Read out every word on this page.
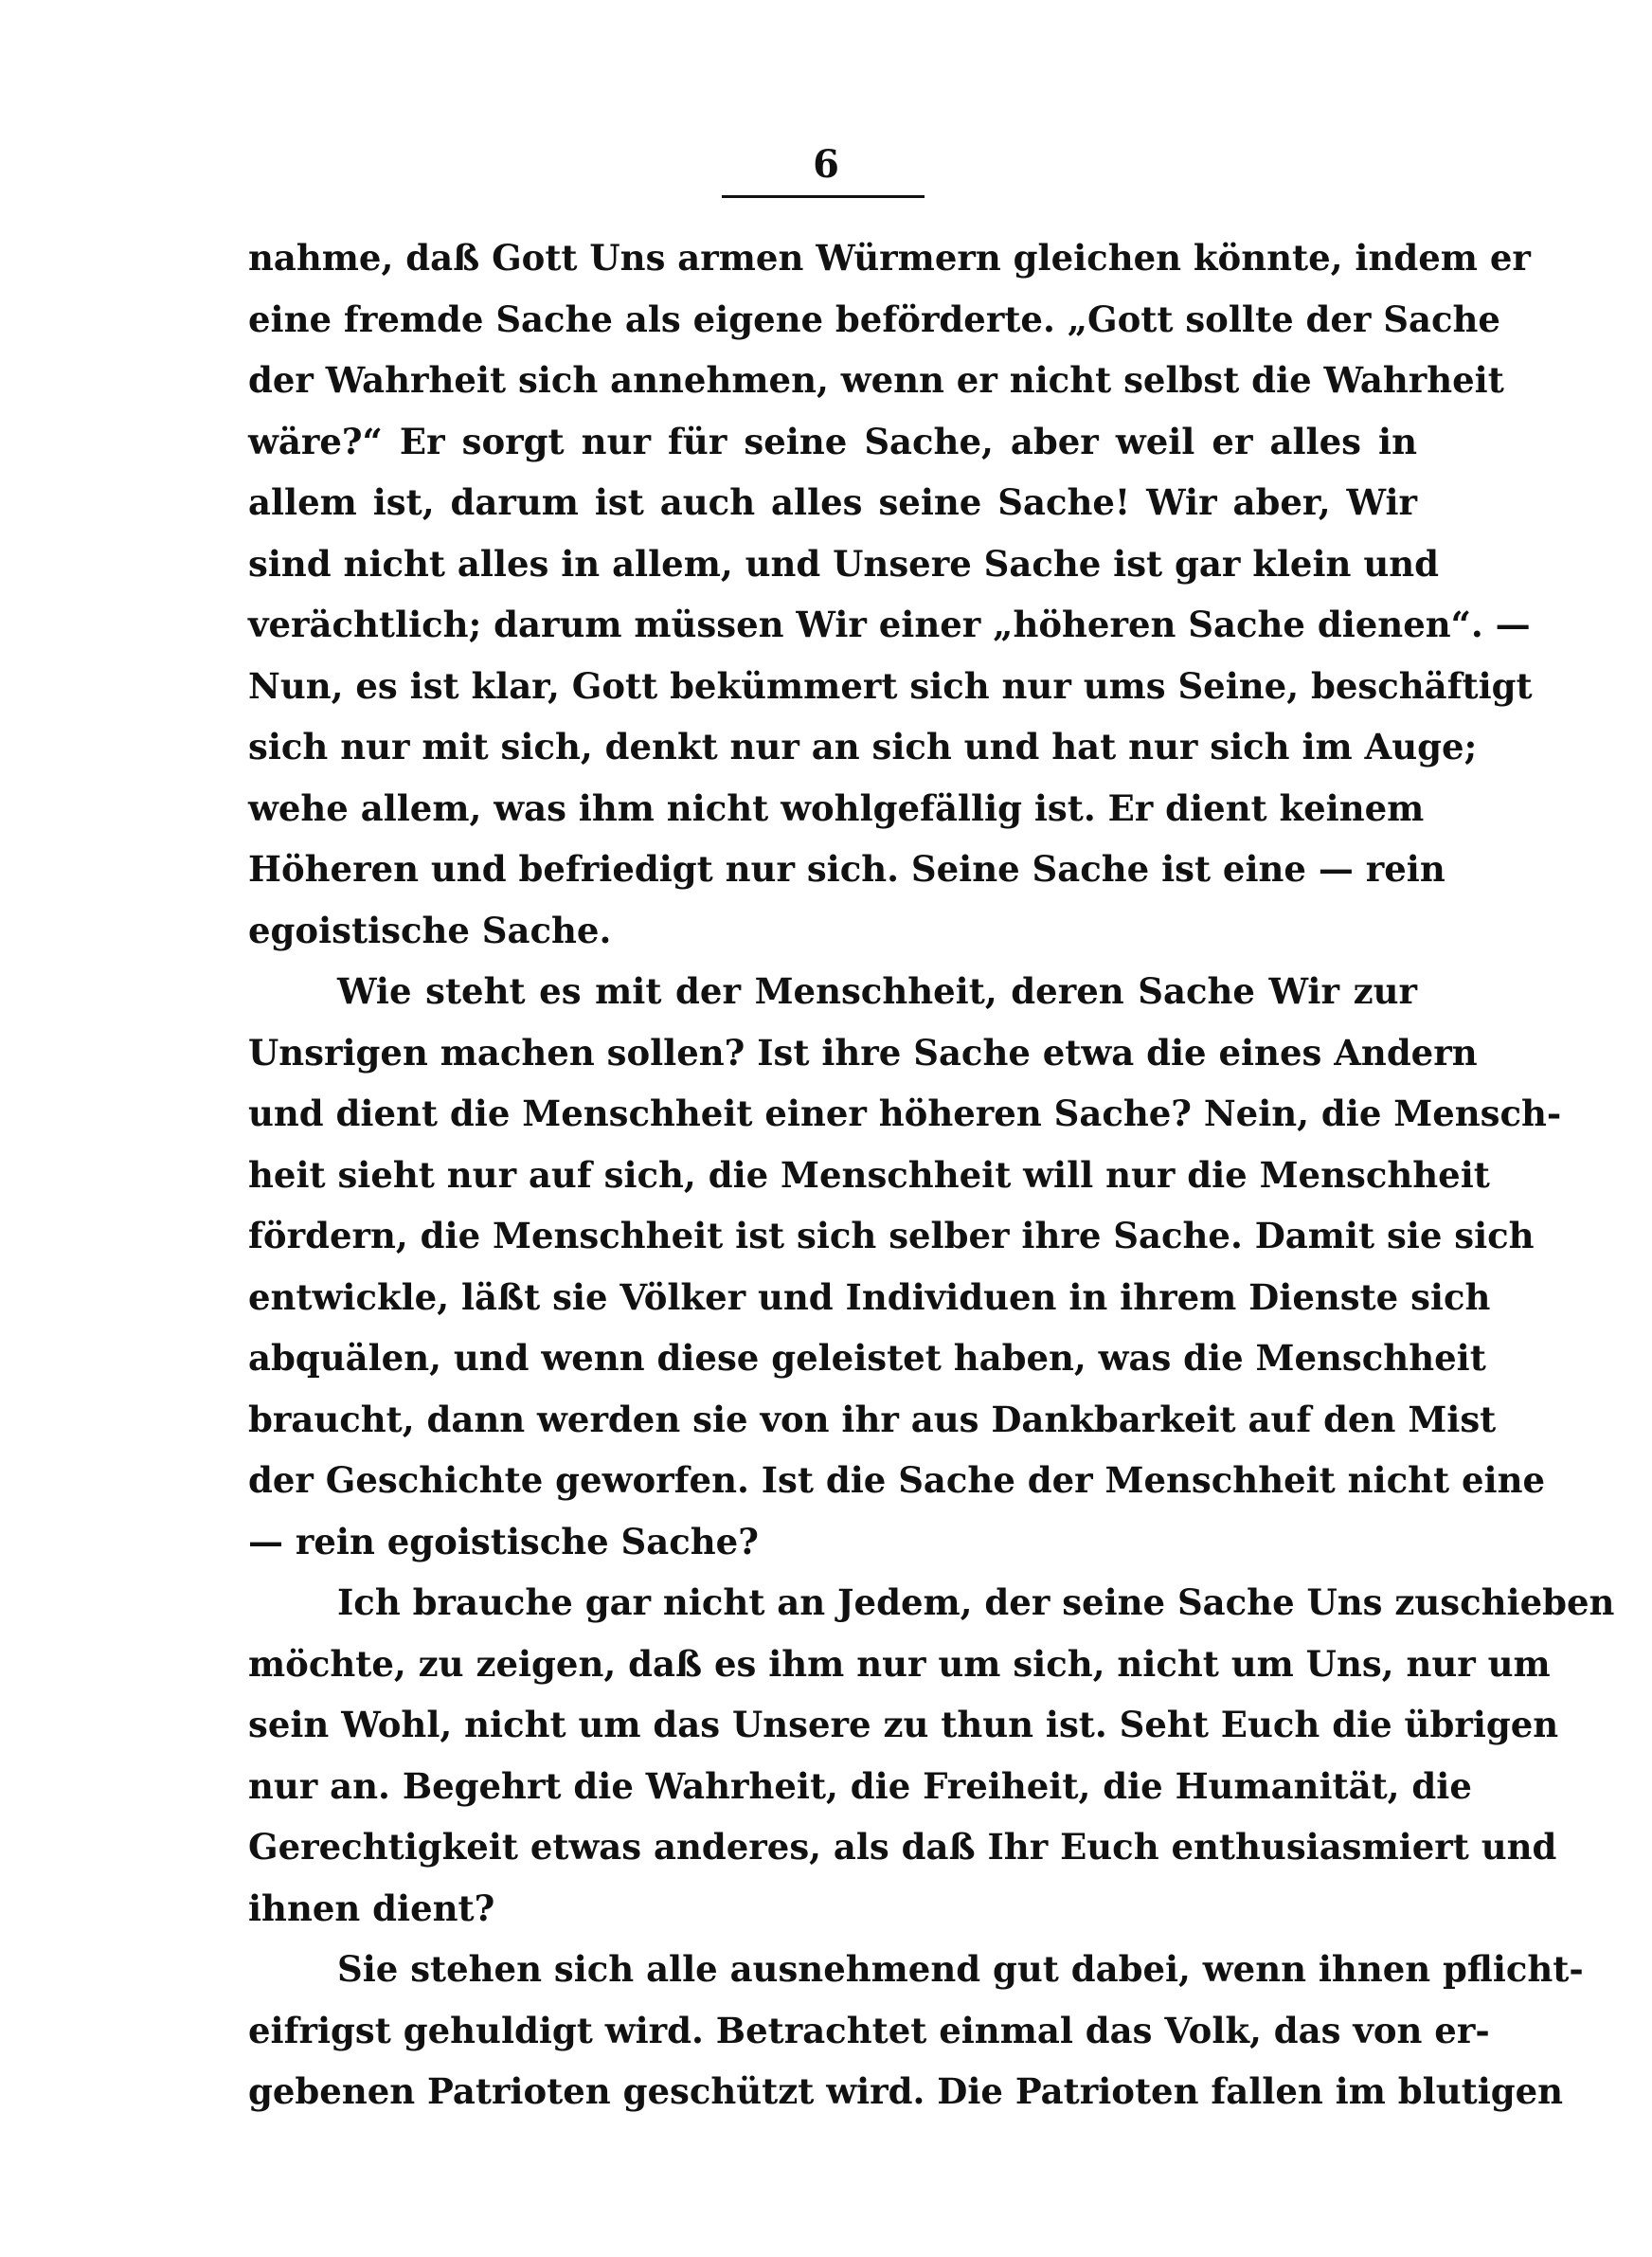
6
nahme, daß Gott Uns armen Würmern gleichen könnte, indem er
eine fremde Sache als eigene beförderte. „Gott sollte der Sache
der Wahrheit sich annehmen, wenn er nicht selbst die Wahrheit
wäre?“ Er sorgt nur für seine Sache, aber weil er alles in
allem ist, darum ist auch alles seine Sache! Wir aber, Wir
sind nicht alles in allem, und Unsere Sache ist gar klein und
verächtlich; darum müssen Wir einer „höheren Sache dienen“. —
Nun, es ist klar, Gott bekümmert sich nur ums Seine, beschäftigt
sich nur mit sich, denkt nur an sich und hat nur sich im Auge;
wehe allem, was ihm nicht wohlgefällig ist. Er dient keinem
Höheren und befriedigt nur sich. Seine Sache ist eine — rein
egoistische Sache.
Wie steht es mit der Menschheit, deren Sache Wir zur
Unsrigen machen sollen? Ist ihre Sache etwa die eines Andern
und dient die Menschheit einer höheren Sache? Nein, die Mensch-
heit sieht nur auf sich, die Menschheit will nur die Menschheit
fördern, die Menschheit ist sich selber ihre Sache. Damit sie sich
entwickle, läßt sie Völker und Individuen in ihrem Dienste sich
abquälen, und wenn diese geleistet haben, was die Menschheit
braucht, dann werden sie von ihr aus Dankbarkeit auf den Mist
der Geschichte geworfen. Ist die Sache der Menschheit nicht eine
— rein egoistische Sache?
Ich brauche gar nicht an Jedem, der seine Sache Uns zuschieben
möchte, zu zeigen, daß es ihm nur um sich, nicht um Uns, nur um
sein Wohl, nicht um das Unsere zu thun ist. Seht Euch die übrigen
nur an. Begehrt die Wahrheit, die Freiheit, die Humanität, die
Gerechtigkeit etwas anderes, als daß Ihr Euch enthusiasmiert und
ihnen dient?
Sie stehen sich alle ausnehmend gut dabei, wenn ihnen pflicht-
eifrigst gehuldigt wird. Betrachtet einmal das Volk, das von er-
gebenen Patrioten geschützt wird. Die Patrioten fallen im blutigen
